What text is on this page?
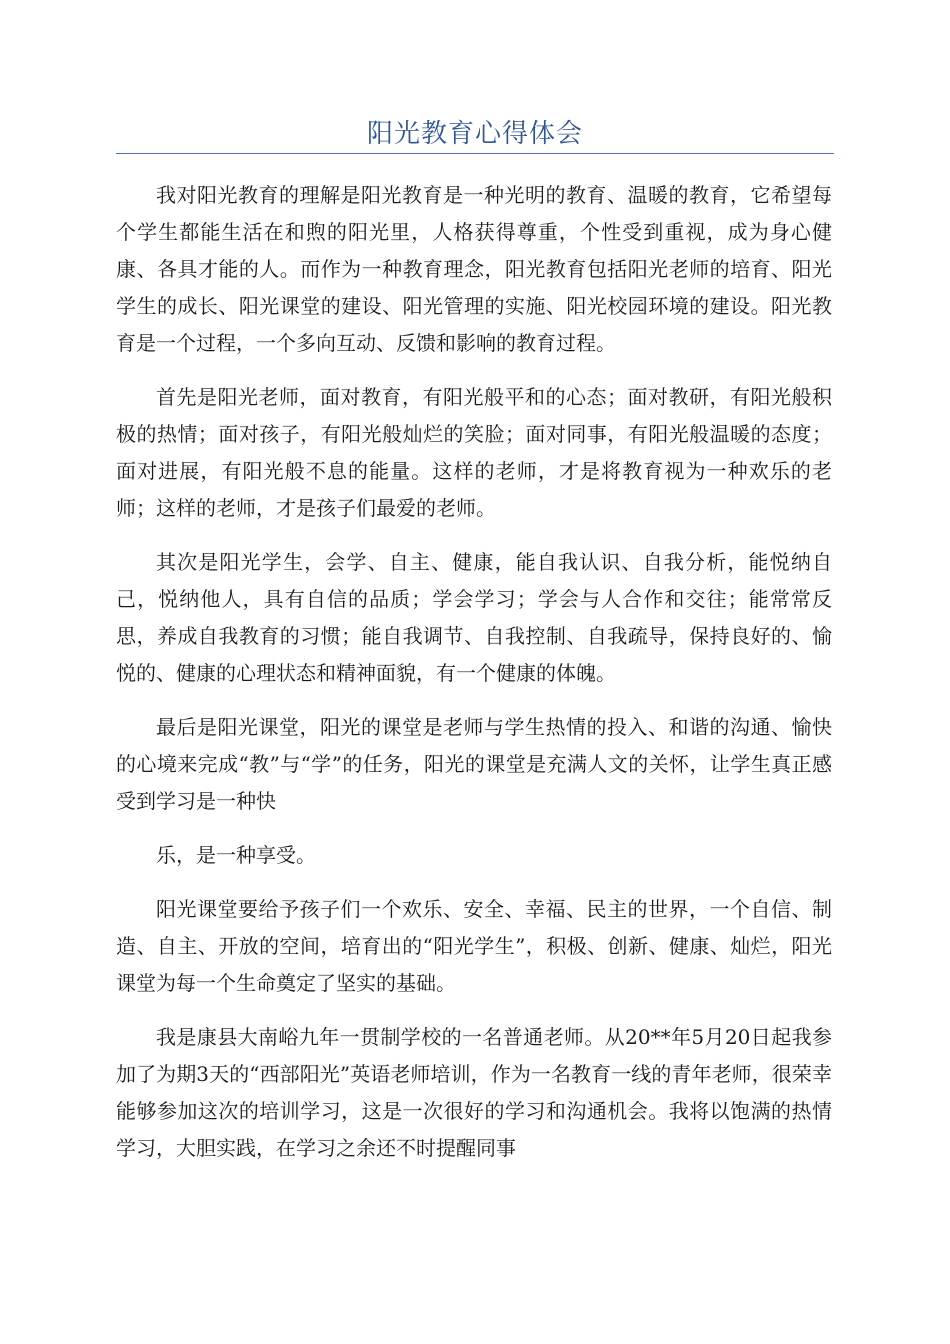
阳光教育心得体会

我对阳光教育的理解是阳光教育是一种光明的教育、温暖的教育，它希望每个学生都能生活在和煦的阳光里，人格获得尊重，个性受到重视，成为身心健康、各具才能的人。而作为一种教育理念，阳光教育包括阳光老师的培育、阳光学生的成长、阳光课堂的建设、阳光管理的实施、阳光校园环境的建设。阳光教育是一个过程，一个多向互动、反馈和影响的教育过程。

首先是阳光老师，面对教育，有阳光般平和的心态；面对教研，有阳光般积极的热情；面对孩子，有阳光般灿烂的笑脸；面对同事，有阳光般温暖的态度；面对进展，有阳光般不息的能量。这样的老师，才是将教育视为一种欢乐的老师；这样的老师，才是孩子们最爱的老师。

其次是阳光学生，会学、自主、健康，能自我认识、自我分析，能悦纳自己，悦纳他人，具有自信的品质；学会学习；学会与人合作和交往；能常常反思，养成自我教育的习惯；能自我调节、自我控制、自我疏导，保持良好的、愉悦的、健康的心理状态和精神面貌，有一个健康的体魄。

最后是阳光课堂，阳光的课堂是老师与学生热情的投入、和谐的沟通、愉快的心境来完成“教”与“学”的任务，阳光的课堂是充满人文的关怀，让学生真正感受到学习是一种快

乐，是一种享受。

阳光课堂要给予孩子们一个欢乐、安全、幸福、民主的世界，一个自信、制造、自主、开放的空间，培育出的“阳光学生”，积极、创新、健康、灿烂，阳光课堂为每一个生命奠定了坚实的基础。

我是康县大南峪九年一贯制学校的一名普通老师。从20**年5月20日起我参加了为期3天的“西部阳光”英语老师培训，作为一名教育一线的青年老师，很荣幸能够参加这次的培训学习，这是一次很好的学习和沟通机会。我将以饱满的热情学习，大胆实践，在学习之余还不时提醒同事
